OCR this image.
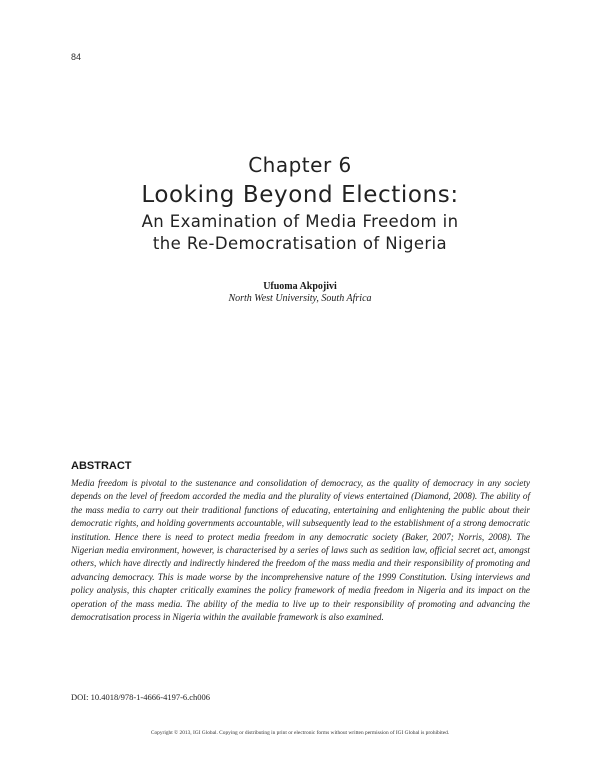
84
Chapter 6
Looking Beyond Elections:
An Examination of Media Freedom in
the Re-Democratisation of Nigeria
Ufuoma Akpojivi
North West University, South Africa
ABSTRACT
Media freedom is pivotal to the sustenance and consolidation of democracy, as the quality of democracy in any society depends on the level of freedom accorded the media and the plurality of views entertained (Diamond, 2008). The ability of the mass media to carry out their traditional functions of educating, entertaining and enlightening the public about their democratic rights, and holding governments accountable, will subsequently lead to the establishment of a strong democratic institution. Hence there is need to protect media freedom in any democratic society (Baker, 2007; Norris, 2008). The Nigerian media environment, however, is characterised by a series of laws such as sedition law, official secret act, amongst others, which have directly and indirectly hindered the freedom of the mass media and their responsibility of promoting and advancing democracy. This is made worse by the incomprehensive nature of the 1999 Constitution. Using interviews and policy analysis, this chapter critically examines the policy framework of media freedom in Nigeria and its impact on the operation of the mass media. The ability of the media to live up to their responsibility of promoting and advancing the democratisation process in Nigeria within the available framework is also examined.
DOI: 10.4018/978-1-4666-4197-6.ch006
Copyright © 2013, IGI Global. Copying or distributing in print or electronic forms without written permission of IGI Global is prohibited.
